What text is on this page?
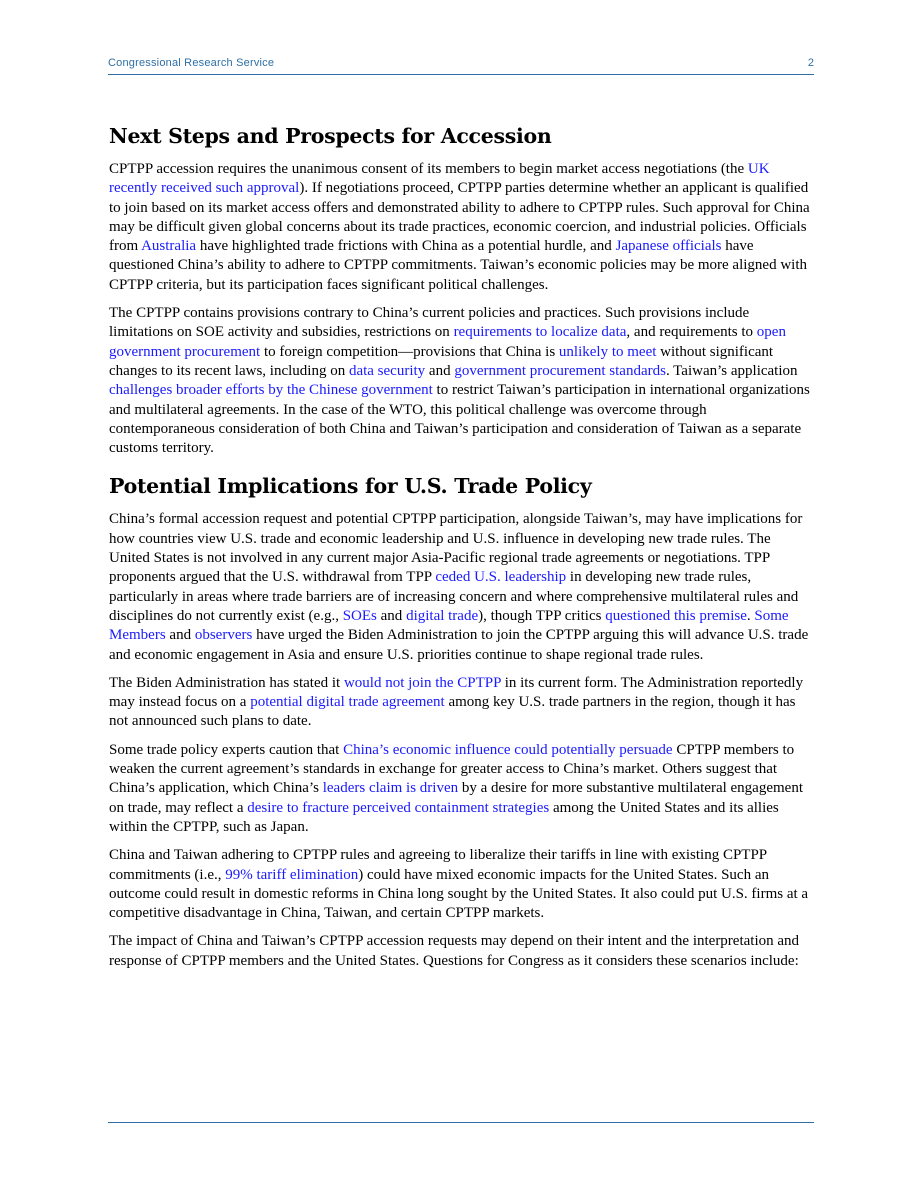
Congressional Research Service	2
Next Steps and Prospects for Accession

CPTPP accession requires the unanimous consent of its members to begin market access negotiations (the UK recently received such approval). If negotiations proceed, CPTPP parties determine whether an applicant is qualified to join based on its market access offers and demonstrated ability to adhere to CPTPP rules. Such approval for China may be difficult given global concerns about its trade practices, economic coercion, and industrial policies. Officials from Australia have highlighted trade frictions with China as a potential hurdle, and Japanese officials have questioned China’s ability to adhere to CPTPP commitments. Taiwan’s economic policies may be more aligned with CPTPP criteria, but its participation faces significant political challenges.

The CPTPP contains provisions contrary to China’s current policies and practices. Such provisions include limitations on SOE activity and subsidies, restrictions on requirements to localize data, and requirements to open government procurement to foreign competition—provisions that China is unlikely to meet without significant changes to its recent laws, including on data security and government procurement standards. Taiwan’s application challenges broader efforts by the Chinese government to restrict Taiwan’s participation in international organizations and multilateral agreements. In the case of the WTO, this political challenge was overcome through contemporaneous consideration of both China and Taiwan’s participation and consideration of Taiwan as a separate customs territory.

Potential Implications for U.S. Trade Policy

China’s formal accession request and potential CPTPP participation, alongside Taiwan’s, may have implications for how countries view U.S. trade and economic leadership and U.S. influence in developing new trade rules. The United States is not involved in any current major Asia-Pacific regional trade agreements or negotiations. TPP proponents argued that the U.S. withdrawal from TPP ceded U.S. leadership in developing new trade rules, particularly in areas where trade barriers are of increasing concern and where comprehensive multilateral rules and disciplines do not currently exist (e.g., SOEs and digital trade), though TPP critics questioned this premise. Some Members and observers have urged the Biden Administration to join the CPTPP arguing this will advance U.S. trade and economic engagement in Asia and ensure U.S. priorities continue to shape regional trade rules.

The Biden Administration has stated it would not join the CPTPP in its current form. The Administration reportedly may instead focus on a potential digital trade agreement among key U.S. trade partners in the region, though it has not announced such plans to date.

Some trade policy experts caution that China’s economic influence could potentially persuade CPTPP members to weaken the current agreement’s standards in exchange for greater access to China’s market. Others suggest that China’s application, which China’s leaders claim is driven by a desire for more substantive multilateral engagement on trade, may reflect a desire to fracture perceived containment strategies among the United States and its allies within the CPTPP, such as Japan.

China and Taiwan adhering to CPTPP rules and agreeing to liberalize their tariffs in line with existing CPTPP commitments (i.e., 99% tariff elimination) could have mixed economic impacts for the United States. Such an outcome could result in domestic reforms in China long sought by the United States. It also could put U.S. firms at a competitive disadvantage in China, Taiwan, and certain CPTPP markets.

The impact of China and Taiwan’s CPTPP accession requests may depend on their intent and the interpretation and response of CPTPP members and the United States. Questions for Congress as it considers these scenarios include:
